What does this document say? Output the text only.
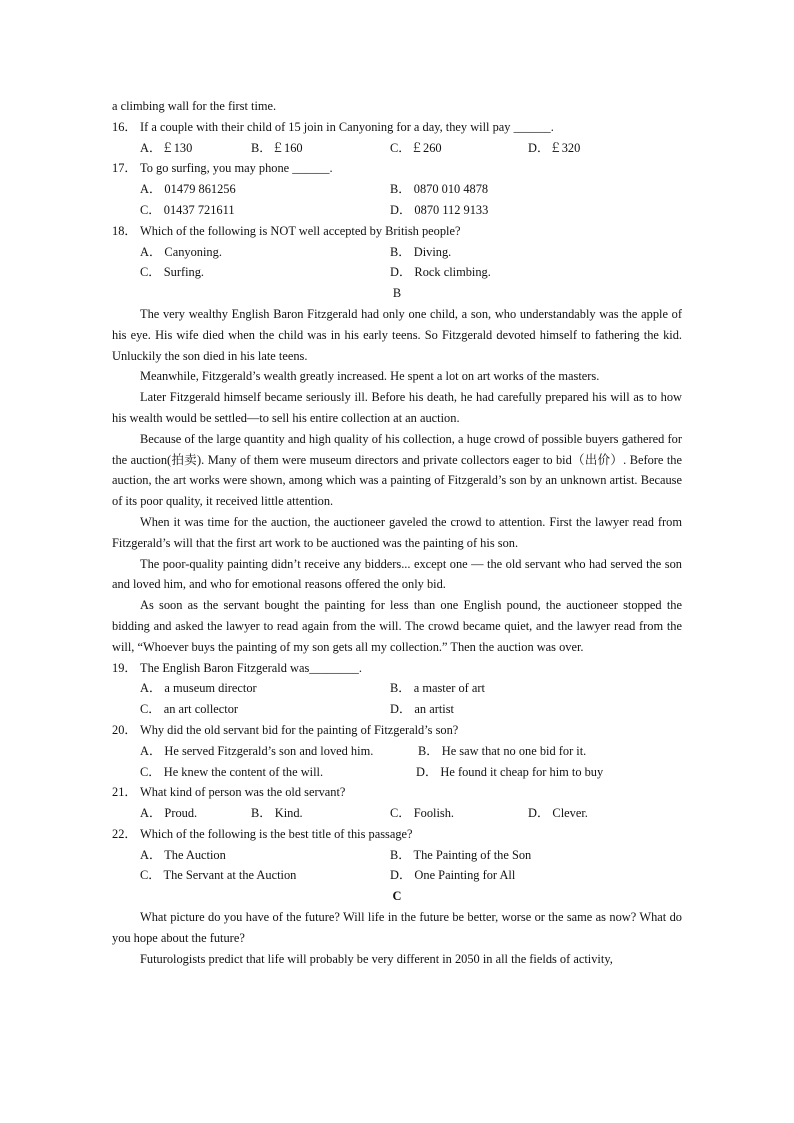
a climbing wall for the first time.
16． If a couple with their child of 15 join in Canyoning for a day, they will pay ______.
A．￡130	B．￡160	C．￡260	D．￡320
17． To go surfing, you may phone ______.
A． 01479 861256	B． 0870 010 4878
C． 01437 721611	D． 0870 112 9133
18． Which of the following is NOT well accepted by British people?
A． Canyoning.	B． Diving.
C． Surfing.	D． Rock climbing.
B
The very wealthy English Baron Fitzgerald had only one child, a son, who understandably was the apple of his eye. His wife died when the child was in his early teens. So Fitzgerald devoted himself to fathering the kid. Unluckily the son died in his late teens.
Meanwhile, Fitzgerald’s wealth greatly increased. He spent a lot on art works of the masters.
Later Fitzgerald himself became seriously ill. Before his death, he had carefully prepared his will as to how his wealth would be settled—to sell his entire collection at an auction.
Because of the large quantity and high quality of his collection, a huge crowd of possible buyers gathered for the auction(拍卖). Many of them were museum directors and private collectors eager to bid（出价）. Before the auction, the art works were shown, among which was a painting of Fitzgerald’s son by an unknown artist. Because of its poor quality, it received little attention.
When it was time for the auction, the auctioneer gaveled the crowd to attention. First the lawyer read from Fitzgerald’s will that the first art work to be auctioned was the painting of his son.
The poor-quality painting didn’t receive any bidders... except one — the old servant who had served the son and loved him, and who for emotional reasons offered the only bid.
As soon as the servant bought the painting for less than one English pound, the auctioneer stopped the bidding and asked the lawyer to read again from the will. The crowd became quiet, and the lawyer read from the will, “Whoever buys the painting of my son gets all my collection.” Then the auction was over.
19． The English Baron Fitzgerald was________.
A． a museum director	B． a master of art
C． an art collector	D． an artist
20． Why did the old servant bid for the painting of Fitzgerald’s son?
A． He served Fitzgerald’s son and loved him.	B． He saw that no one bid for it.
C． He knew the content of the will.	D． He found it cheap for him to buy
21． What kind of person was the old servant?
A． Proud.	B． Kind.	C． Foolish.	D． Clever.
22． Which of the following is the best title of this passage?
A． The Auction	B． The Painting of the Son
C． The Servant at the Auction	D． One Painting for All
C
What picture do you have of the future? Will life in the future be better, worse or the same as now? What do you hope about the future?
Futurologists predict that life will probably be very different in 2050 in all the fields of activity,
